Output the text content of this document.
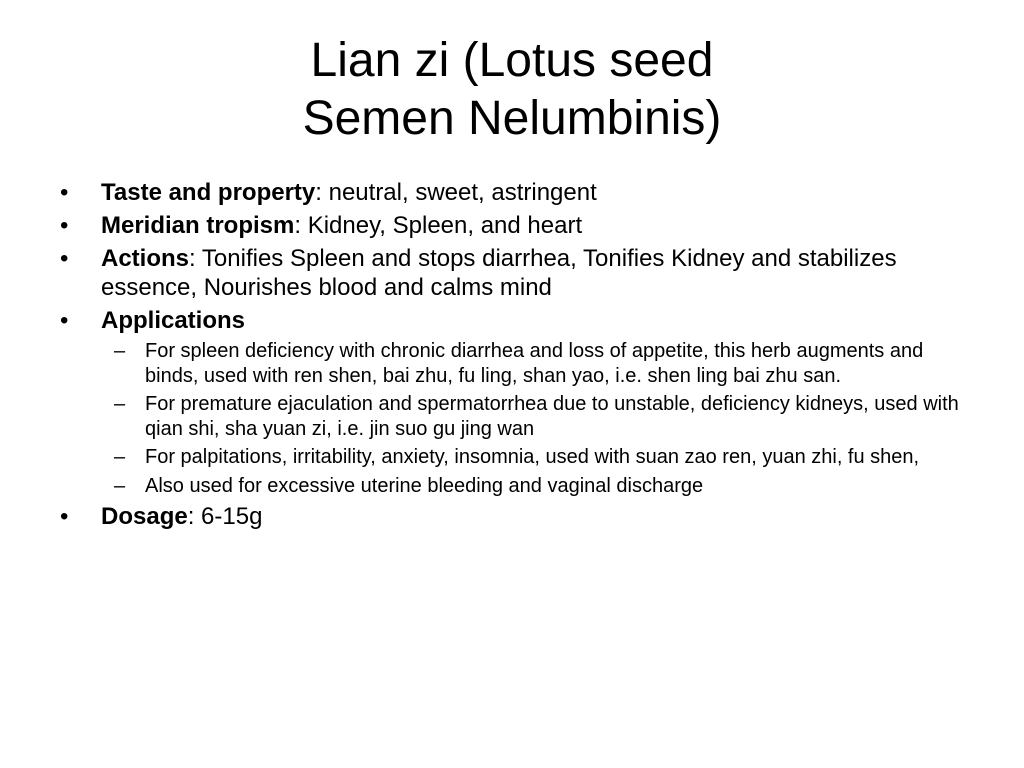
Lian zi (Lotus seed
Semen Nelumbinis)
•	Taste and property: neutral, sweet, astringent
•	Meridian tropism: Kidney, Spleen, and heart
•	Actions: Tonifies Spleen and stops diarrhea, Tonifies Kidney and stabilizes essence, Nourishes blood and calms mind
•	Applications
– For spleen deficiency with chronic diarrhea and loss of appetite, this herb augments and binds, used with ren shen, bai zhu, fu ling, shan yao, i.e. shen ling bai zhu san.
– For premature ejaculation and spermatorrhea due to unstable, deficiency kidneys, used with qian shi, sha yuan zi, i.e. jin suo gu jing wan
– For palpitations, irritability, anxiety, insomnia, used with suan zao ren, yuan zhi, fu shen,
– Also used for excessive uterine bleeding and vaginal discharge
•	Dosage: 6-15g
